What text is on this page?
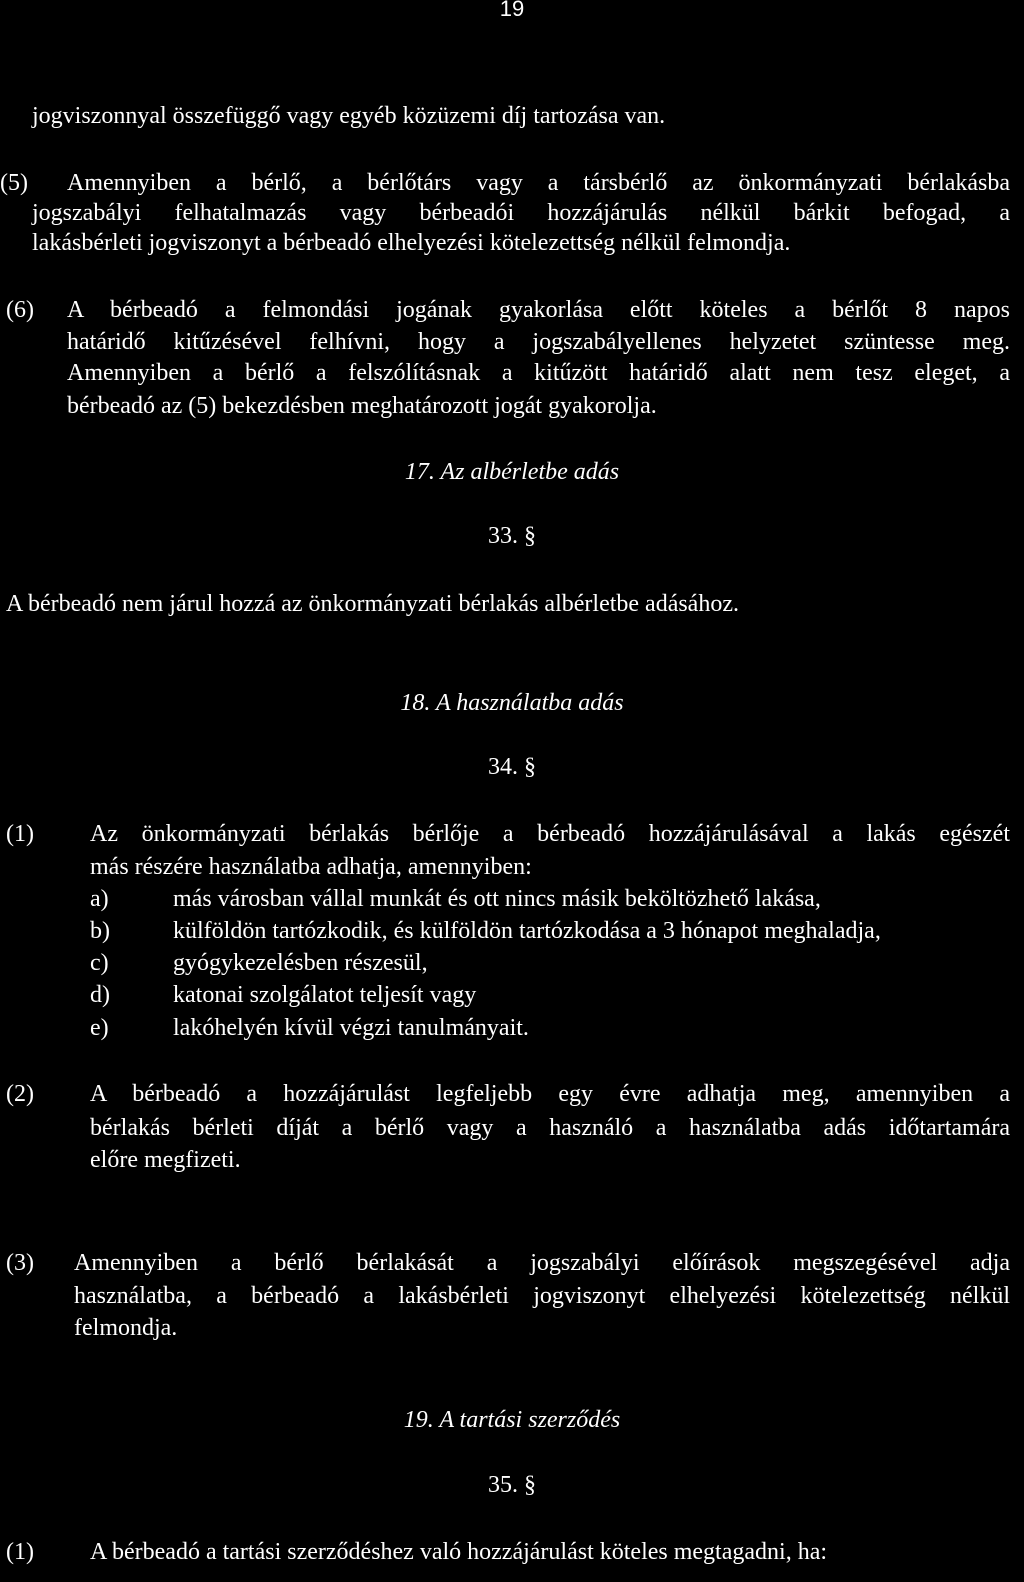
19
jogviszonnyal összefüggő vagy egyéb közüzemi díj tartozása van.
(5)	Amennyiben a bérlő, a bérlőtárs vagy a társbérlő az önkormányzati bérlakásba
jogszabályi felhatalmazás vagy bérbeadói hozzájárulás nélkül bárkit befogad, a
lakásbérleti jogviszonyt a bérbeadó elhelyezési kötelezettség nélkül felmondja.
(6)	A bérbeadó a felmondási jogának gyakorlása előtt köteles a bérlőt 8 napos
határidő kitűzésével felhívni, hogy a jogszabályellenes helyzetet szüntesse meg.
Amennyiben a bérlő a felszólításnak a kitűzött határidő alatt nem tesz eleget, a
bérbeadó az (5) bekezdésben meghatározott jogát gyakorolja.
17. Az albérletbe adás
33. §
A bérbeadó nem járul hozzá az önkormányzati bérlakás albérletbe adásához.
18. A használatba adás
34. §
(1)	Az önkormányzati bérlakás bérlője a bérbeadó hozzájárulásával a lakás egészét
más részére használatba adhatja, amennyiben:
a)	más városban vállal munkát és ott nincs másik beköltözhető lakása,
b)	külföldön tartózkodik, és külföldön tartózkodása a 3 hónapot meghaladja,
c)	gyógykezelésben részesül,
d)	katonai szolgálatot teljesít vagy
e)	lakóhelyén kívül végzi tanulmányait.
(2)	A bérbeadó a hozzájárulást legfeljebb egy évre adhatja meg, amennyiben a
bérlakás bérleti díját a bérlő vagy a használó a használatba adás időtartamára
előre megfizeti.
(3)	Amennyiben a bérlő bérlakását a jogszabályi előírások megszegésével adja
használatba, a bérbeadó a lakásbérleti jogviszonyt elhelyezési kötelezettség nélkül
felmondja.
19. A tartási szerződés
35. §
(1)	A bérbeadó a tartási szerződéshez való hozzájárulást köteles megtagadni, ha:
